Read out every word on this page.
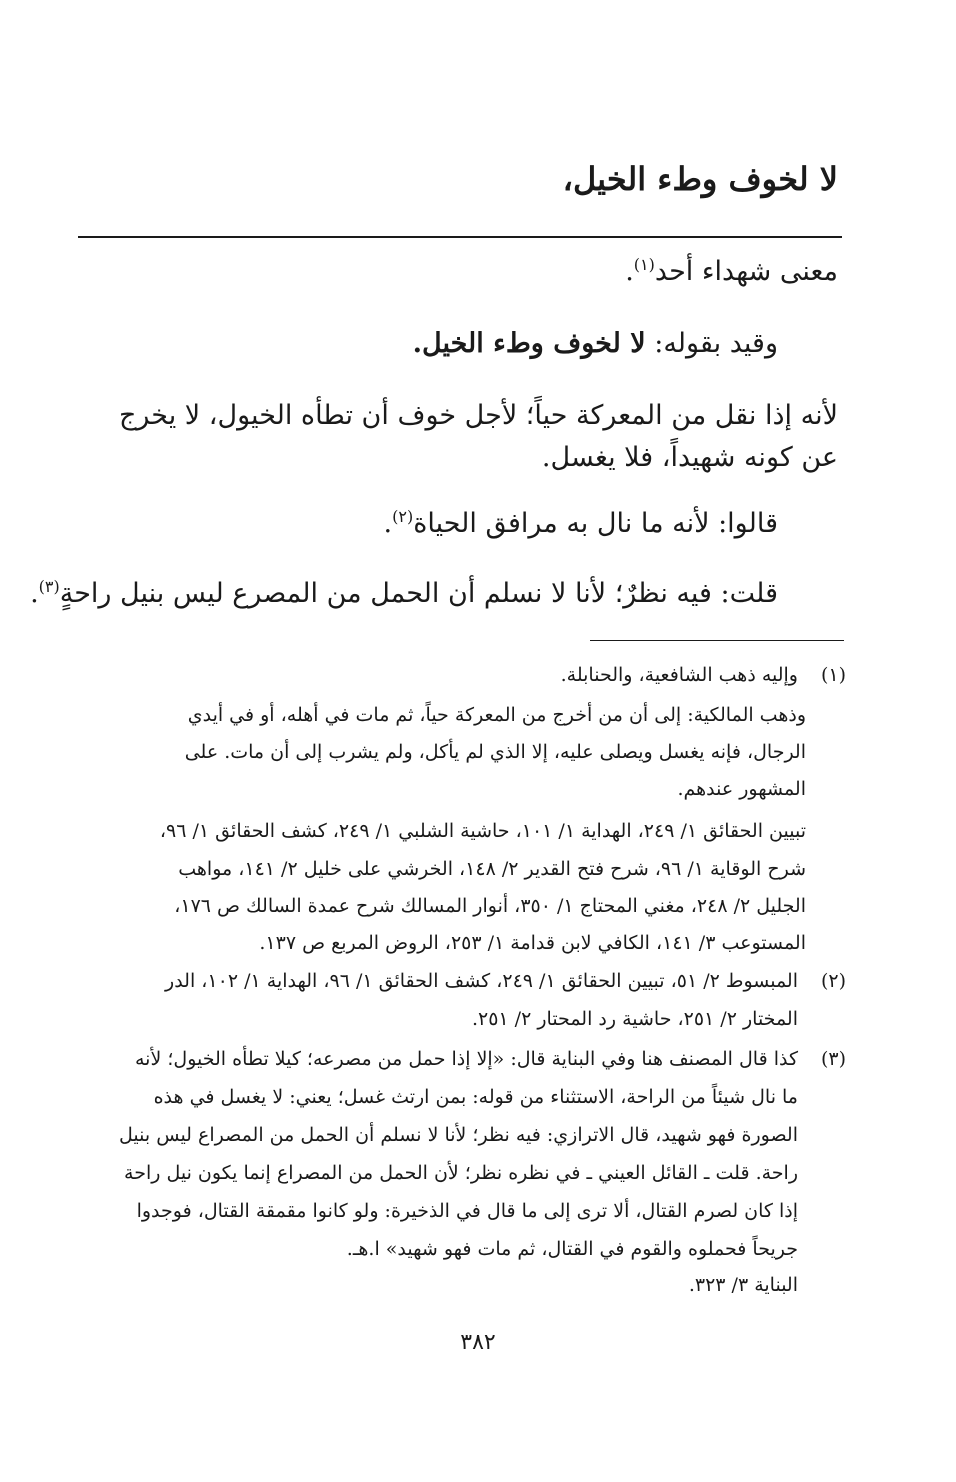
لا لخوف وطء الخيل،
معنى شهداء أحد$^{(١)}$.
وقيد بقوله: لا لخوف وطء الخيل.
لأنه إذا نقل من المعركة حياً؛ لأجل خوف أن تطأه الخيول، لا يخرج
عن كونه شهيداً، فلا يغسل.
قالوا: لأنه ما نال به مرافق الحياة$^{(٢)}$.
قلت: فيه نظرٌ؛ لأنا لا نسلم أن الحمل من المصرع ليس بنيل راحةٍ$^{(٣)}$.
(١)
وإليه ذهب الشافعية، والحنابلة.
وذهب المالكية: إلى أن من أخرج من المعركة حياً، ثم مات في أهله، أو في أيدي
الرجال، فإنه يغسل ويصلى عليه، إلا الذي لم يأكل، ولم يشرب إلى أن مات. على
المشهور عندهم.
تبيين الحقائق ١/ ٢٤٩، الهداية ١/ ١٠١، حاشية الشلبي ١/ ٢٤٩، كشف الحقائق ١/ ٩٦،
شرح الوقاية ١/ ٩٦، شرح فتح القدير ٢/ ١٤٨، الخرشي على خليل ٢/ ١٤١، مواهب
الجليل ٢/ ٢٤٨، مغني المحتاج ١/ ٣٥٠، أنوار المسالك شرح عمدة السالك ص ١٧٦،
المستوعب ٣/ ١٤١، الكافي لابن قدامة ١/ ٢٥٣، الروض المربع ص ١٣٧.
(٢)
المبسوط ٢/ ٥١، تبيين الحقائق ١/ ٢٤٩، كشف الحقائق ١/ ٩٦، الهداية ١/ ١٠٢، الدر
المختار ٢/ ٢٥١، حاشية رد المحتار ٢/ ٢٥١.
(٣)
كذا قال المصنف هنا وفي البناية قال: «إلا إذا حمل من مصرعه؛ كيلا تطأه الخيول؛ لأنه
ما نال شيئاً من الراحة، الاستثناء من قوله: بمن ارتث غسل؛ يعني: لا يغسل في هذه
الصورة فهو شهيد، قال الاترازي: فيه نظر؛ لأنا لا نسلم أن الحمل من المصراع ليس بنيل
راحة. قلت ـ القائل العيني ـ في نظره نظر؛ لأن الحمل من المصراع إنما يكون نيل راحة
إذا كان لصرم القتال، ألا ترى إلى ما قال في الذخيرة: ولو كانوا مقمقة القتال، فوجدوا
جريحاً فحملوه والقوم في القتال، ثم مات فهو شهيد» ا.هـ.
البناية ٣/ ٣٢٣.
٣٨٢
